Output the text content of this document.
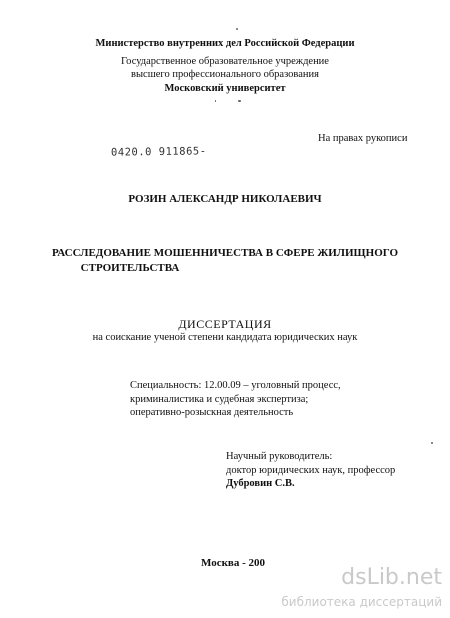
Министерство внутренних дел Российской Федерации
Государственное образовательное учреждение
высшего профессионального образования
Московский университет
На правах рукописи
0420.0 911865-
РОЗИН АЛЕКСАНДР НИКОЛАЕВИЧ
РАССЛЕДОВАНИЕ МОШЕННИЧЕСТВА В СФЕРЕ ЖИЛИЩНОГО
СТРОИТЕЛЬСТВА
ДИССЕРТАЦИЯ
на соискание ученой степени кандидата юридических наук
Специальность: 12.00.09 – уголовный процесс,
криминалистика и судебная экспертиза;
оперативно-розыскная деятельность
Научный руководитель:
доктор юридических наук, профессор
Дубровин С.В.
Москва - 200
dsLib.net
библиотека диссертаций
